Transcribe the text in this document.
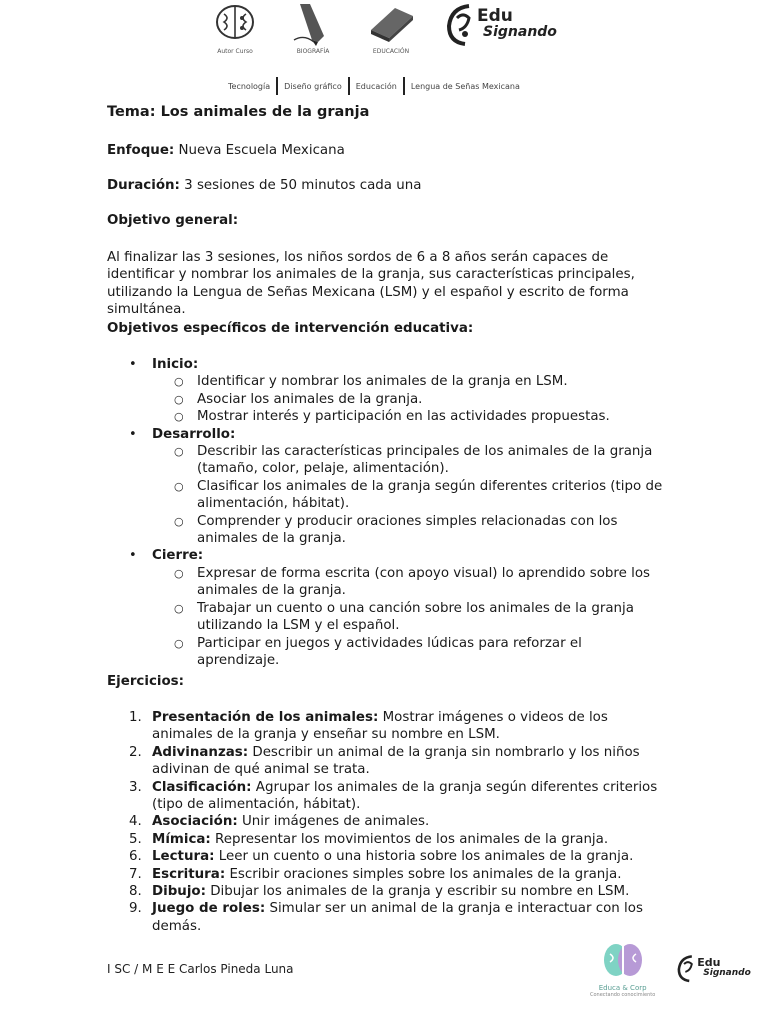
Autor Curso	BIOGRAFÍA	EDUCACIÓN
Edu
Signando
Tecnología	Diseño gráfico	Educación	Lengua de Señas Mexicana
Tema: Los animales de la granja
Enfoque: Nueva Escuela Mexicana
Duración: 3 sesiones de 50 minutos cada una
Objetivo general:
Al finalizar las 3 sesiones, los niños sordos de 6 a 8 años serán capaces de identificar y nombrar los animales de la granja, sus características principales, utilizando la Lengua de Señas Mexicana (LSM) y el español y escrito de forma simultánea.
Objetivos específicos de intervención educativa:
• Inicio:
○ Identificar y nombrar los animales de la granja en LSM.
○ Asociar los animales de la granja.
○ Mostrar interés y participación en las actividades propuestas.
• Desarrollo:
○ Describir las características principales de los animales de la granja (tamaño, color, pelaje, alimentación).
○ Clasificar los animales de la granja según diferentes criterios (tipo de alimentación, hábitat).
○ Comprender y producir oraciones simples relacionadas con los animales de la granja.
• Cierre:
○ Expresar de forma escrita (con apoyo visual) lo aprendido sobre los animales de la granja.
○ Trabajar un cuento o una canción sobre los animales de la granja utilizando la LSM y el español.
○ Participar en juegos y actividades lúdicas para reforzar el aprendizaje.
Ejercicios:
1. Presentación de los animales: Mostrar imágenes o videos de los animales de la granja y enseñar su nombre en LSM.
2. Adivinanzas: Describir un animal de la granja sin nombrarlo y los niños adivinan de qué animal se trata.
3. Clasificación: Agrupar los animales de la granja según diferentes criterios (tipo de alimentación, hábitat).
4. Asociación: Unir imágenes de animales.
5. Mímica: Representar los movimientos de los animales de la granja.
6. Lectura: Leer un cuento o una historia sobre los animales de la granja.
7. Escritura: Escribir oraciones simples sobre los animales de la granja.
8. Dibujo: Dibujar los animales de la granja y escribir su nombre en LSM.
9. Juego de roles: Simular ser un animal de la granja e interactuar con los demás.
I SC / M E E Carlos Pineda Luna
Educa & Corp
Conectando conocimiento
Edu
Signando
